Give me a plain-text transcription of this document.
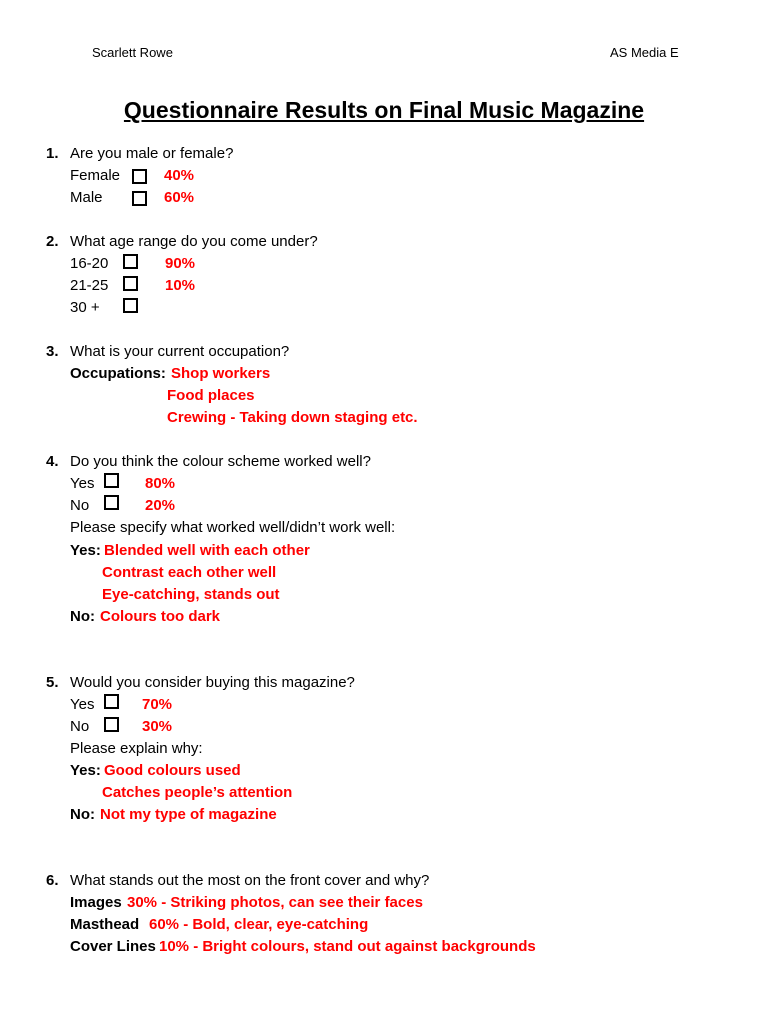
Scarlett Rowe	AS Media E
Questionnaire Results on Final Music Magazine
1. Are you male or female?
Female	40%
Male	60%
2. What age range do you come under?
16-20	90%
21-25	10%
30 +
3. What is your current occupation?
Occupations: Shop workers
Food places
Crewing - Taking down staging etc.
4. Do you think the colour scheme worked well?
Yes	80%
No	20%
Please specify what worked well/didn’t work well:
Yes: Blended well with each other
Contrast each other well
Eye-catching, stands out
No: Colours too dark
5. Would you consider buying this magazine?
Yes	70%
No	30%
Please explain why:
Yes: Good colours used
Catches people’s attention
No: Not my type of magazine
6. What stands out the most on the front cover and why?
Images 30% - Striking photos, can see their faces
Masthead 60% - Bold, clear, eye-catching
Cover Lines 10% - Bright colours, stand out against backgrounds
